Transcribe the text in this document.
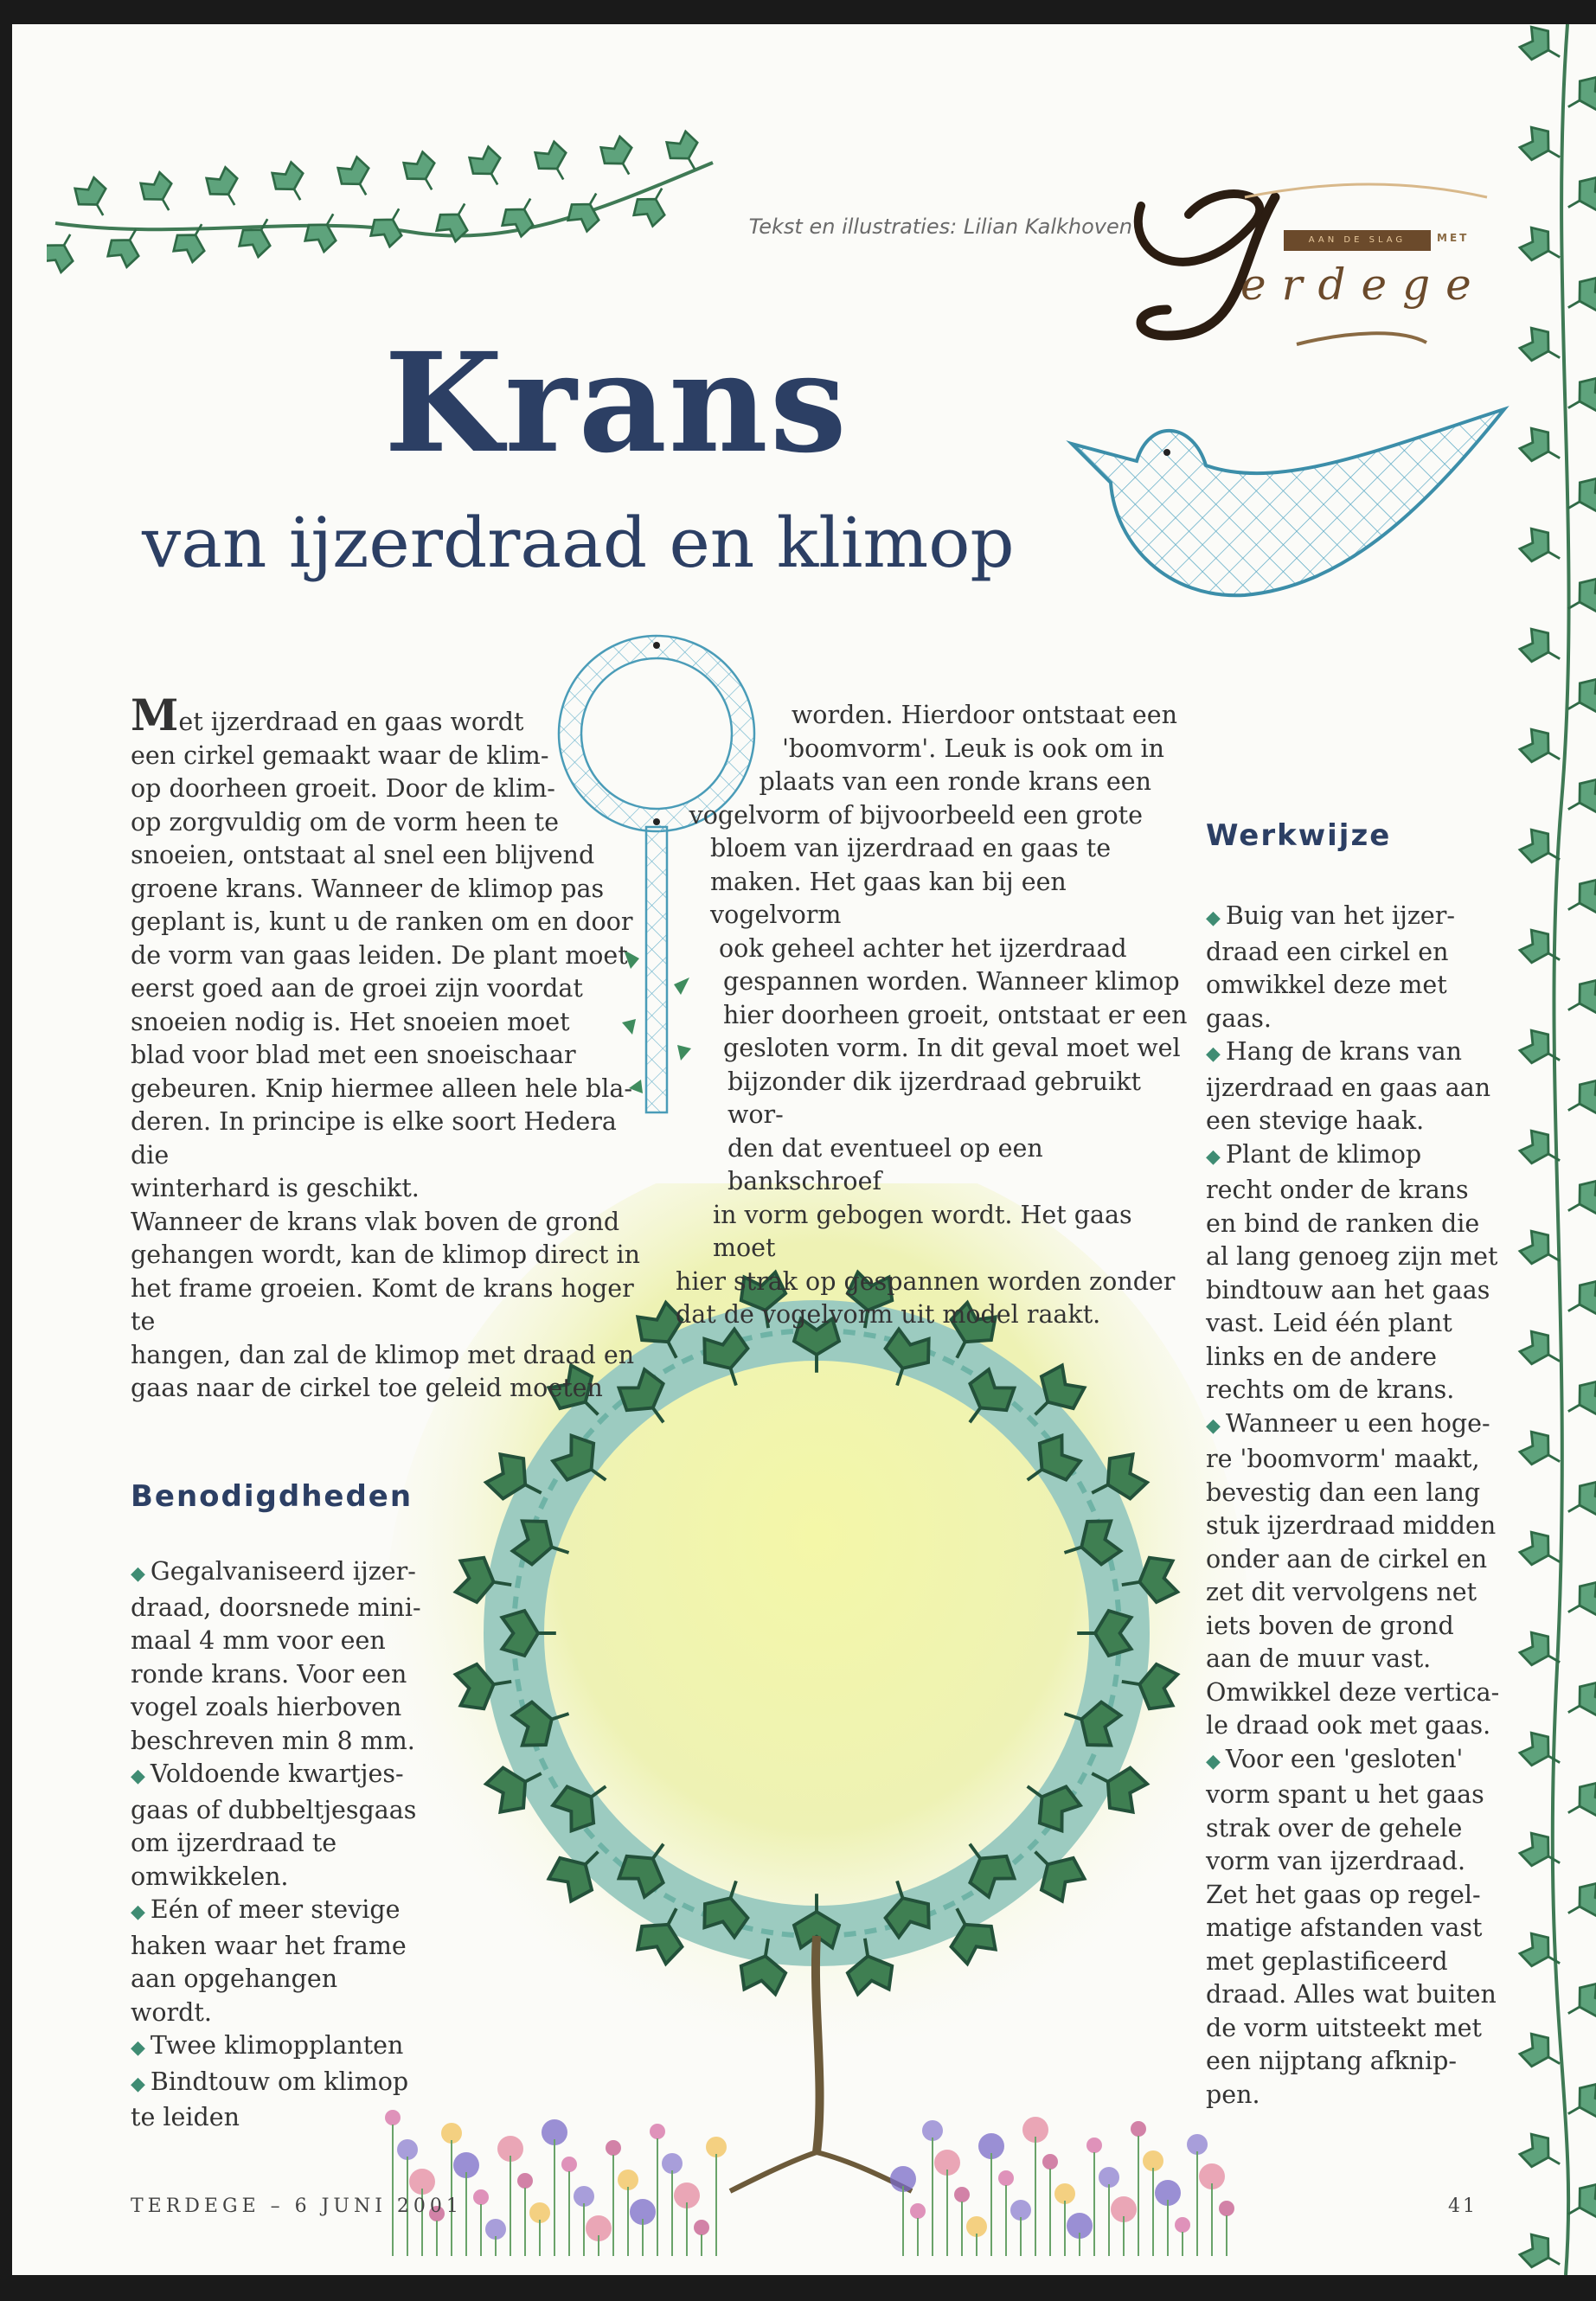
Tekst en illustraties: Lilian Kalkhoven
AAN DE SLAG	MET
erdege
Krans
van ijzerdraad en klimop

Met ijzerdraad en gaas wordt

een cirkel gemaakt waar de klim-

op doorheen groeit. Door de klim-

op zorgvuldig om de vorm heen te

snoeien, ontstaat al snel een blijvend

groene krans. Wanneer de klimop pas

geplant is, kunt u de ranken om en door

de vorm van gaas leiden. De plant moet

eerst goed aan de groei zijn voordat

snoeien nodig is. Het snoeien moet

blad voor blad met een snoeischaar

gebeuren. Knip hiermee alleen hele bla-

deren. In principe is elke soort Hedera die

winterhard is geschikt.

Wanneer de krans vlak boven de grond

gehangen wordt, kan de klimop direct in

het frame groeien. Komt de krans hoger te

hangen, dan zal de klimop met draad en

gaas naar de cirkel toe geleid moeten

worden. Hierdoor ontstaat een

'boomvorm'. Leuk is ook om in

plaats van een ronde krans een

vogelvorm of bijvoorbeeld een grote

bloem van ijzerdraad en gaas te

maken. Het gaas kan bij een vogelvorm

ook geheel achter het ijzerdraad

gespannen worden. Wanneer klimop

hier doorheen groeit, ontstaat er een

gesloten vorm. In dit geval moet wel

bijzonder dik ijzerdraad gebruikt wor-

den dat eventueel op een bankschroef

in vorm gebogen wordt. Het gaas moet

hier strak op gespannen worden zonder

dat de vogelvorm uit model raakt.

Werkwijze

◆ Buig van het ijzer-

draad een cirkel en

omwikkel deze met

gaas.

◆ Hang de krans van

ijzerdraad en gaas aan

een stevige haak.

◆ Plant de klimop

recht onder de krans

en bind de ranken die

al lang genoeg zijn met

bindtouw aan het gaas

vast. Leid één plant

links en de andere

rechts om de krans.

◆ Wanneer u een hoge-

re 'boomvorm' maakt,

bevestig dan een lang

stuk ijzerdraad midden

onder aan de cirkel en

zet dit vervolgens net

iets boven de grond

aan de muur vast.

Omwikkel deze vertica-

le draad ook met gaas.

◆ Voor een 'gesloten'

vorm spant u het gaas

strak over de gehele

vorm van ijzerdraad.

Zet het gaas op regel-

matige afstanden vast

met geplastificeerd

draad. Alles wat buiten

de vorm uitsteekt met

een nijptang afknip-

pen.

Benodigdheden

◆ Gegalvaniseerd ijzer-

draad, doorsnede mini-

maal 4 mm voor een

ronde krans. Voor een

vogel zoals hierboven

beschreven min 8 mm.

◆ Voldoende kwartjes-

gaas of dubbeltjesgaas

om ijzerdraad te

omwikkelen.

◆ Eén of meer stevige

haken waar het frame

aan opgehangen wordt.

◆ Twee klimopplanten

◆ Bindtouw om klimop

te leiden

TERDEGE – 6 JUNI 2001	41
